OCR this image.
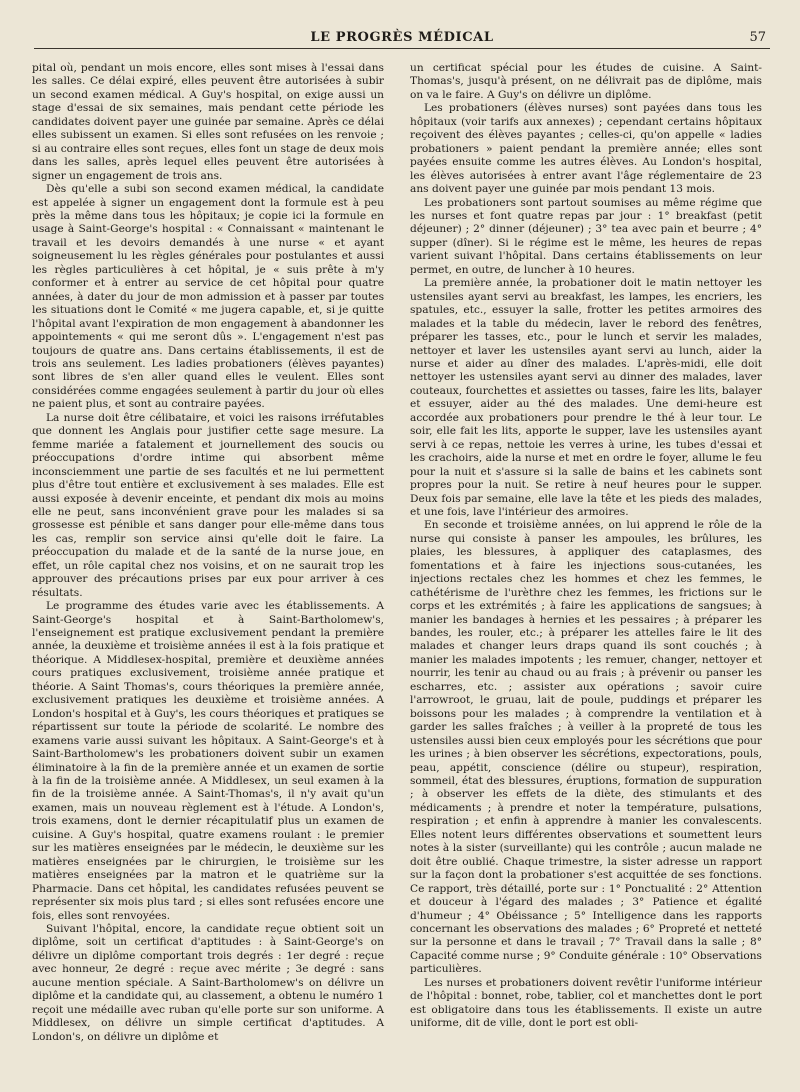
LE PROGRÈS MÉDICAL	57

pital où, pendant un mois encore, elles sont mises à l'essai dans les salles. Ce délai expiré, elles peuvent être autorisées à subir un second examen médical. A Guy's hospital, on exige aussi un stage d'essai de six semaines, mais pendant cette période les candidates doivent payer une guinée par semaine. Après ce délai elles subissent un examen. Si elles sont refusées on les renvoie ; si au contraire elles sont reçues, elles font un stage de deux mois dans les salles, après lequel elles peuvent être autorisées à signer un engagement de trois ans.

Dès qu'elle a subi son second examen médical, la candidate est appelée à signer un engagement dont la formule est à peu près la même dans tous les hôpitaux; je copie ici la formule en usage à Saint-George's hospital : « Connaissant « maintenant le travail et les devoirs demandés à une nurse « et ayant soigneusement lu les règles générales pour postulantes et aussi les règles particulières à cet hôpital, je « suis prête à m'y conformer et à entrer au service de cet hôpital pour quatre années, à dater du jour de mon admission et à passer par toutes les situations dont le Comité « me jugera capable, et, si je quitte l'hôpital avant l'expiration de mon engagement à abandonner les appointements « qui me seront dûs ». L'engagement n'est pas toujours de quatre ans. Dans certains établissements, il est de trois ans seulement. Les ladies probationers (élèves payantes) sont libres de s'en aller quand elles le veulent. Elles sont considérées comme engagées seulement à partir du jour où elles ne paient plus, et sont au contraire payées.

La nurse doit être célibataire, et voici les raisons irréfutables que donnent les Anglais pour justifier cette sage mesure. La femme mariée a fatalement et journellement des soucis ou préoccupations d'ordre intime qui absorbent même inconsciemment une partie de ses facultés et ne lui permettent plus d'être tout entière et exclusivement à ses malades. Elle est aussi exposée à devenir enceinte, et pendant dix mois au moins elle ne peut, sans inconvénient grave pour les malades si sa grossesse est pénible et sans danger pour elle-même dans tous les cas, remplir son service ainsi qu'elle doit le faire. La préoccupation du malade et de la santé de la nurse joue, en effet, un rôle capital chez nos voisins, et on ne saurait trop les approuver des précautions prises par eux pour arriver à ces résultats.

Le programme des études varie avec les établissements. A Saint-George's hospital et à Saint-Bartholomew's, l'enseignement est pratique exclusivement pendant la première année, la deuxième et troisième années il est à la fois pratique et théorique. A Middlesex-hospital, première et deuxième années cours pratiques exclusivement, troisième année pratique et théorie. A Saint Thomas's, cours théoriques la première année, exclusivement pratiques les deuxième et troisième années. A London's hospital et à Guy's, les cours théoriques et pratiques se répartissent sur toute la période de scolarité. Le nombre des examens varie aussi suivant les hôpitaux. A Saint-George's et à Saint-Bartholomew's les probationers doivent subir un examen éliminatoire à la fin de la première année et un examen de sortie à la fin de la troisième année. A Middlesex, un seul examen à la fin de la troisième année. A Saint-Thomas's, il n'y avait qu'un examen, mais un nouveau règlement est à l'étude. A London's, trois examens, dont le dernier récapitulatif plus un examen de cuisine. A Guy's hospital, quatre examens roulant : le premier sur les matières enseignées par le médecin, le deuxième sur les matières enseignées par le chirurgien, le troisième sur les matières enseignées par la matron et le quatrième sur la Pharmacie. Dans cet hôpital, les candidates refusées peuvent se représenter six mois plus tard ; si elles sont refusées encore une fois, elles sont renvoyées.

Suivant l'hôpital, encore, la candidate reçue obtient soit un diplôme, soit un certificat d'aptitudes : à Saint-George's on délivre un diplôme comportant trois degrés : 1er degré : reçue avec honneur, 2e degré : reçue avec mérite ; 3e degré : sans aucune mention spéciale. A Saint-Bartholomew's on délivre un diplôme et la candidate qui, au classement, a obtenu le numéro 1 reçoit une médaille avec ruban qu'elle porte sur son uniforme. A Middlesex, on délivre un simple certificat d'aptitudes. A London's, on délivre un diplôme et

un certificat spécial pour les études de cuisine. A Saint-Thomas's, jusqu'à présent, on ne délivrait pas de diplôme, mais on va le faire. A Guy's on délivre un diplôme.

Les probationers (élèves nurses) sont payées dans tous les hôpitaux (voir tarifs aux annexes) ; cependant certains hôpitaux reçoivent des élèves payantes ; celles-ci, qu'on appelle « ladies probationers » paient pendant la première année; elles sont payées ensuite comme les autres élèves. Au London's hospital, les élèves autorisées à entrer avant l'âge réglementaire de 23 ans doivent payer une guinée par mois pendant 13 mois.

Les probationers sont partout soumises au même régime que les nurses et font quatre repas par jour : 1° breakfast (petit déjeuner) ; 2° dinner (déjeuner) ; 3° tea avec pain et beurre ; 4° supper (dîner). Si le régime est le même, les heures de repas varient suivant l'hôpital. Dans certains établissements on leur permet, en outre, de luncher à 10 heures.

La première année, la probationer doit le matin nettoyer les ustensiles ayant servi au breakfast, les lampes, les encriers, les spatules, etc., essuyer la salle, frotter les petites armoires des malades et la table du médecin, laver le rebord des fenêtres, préparer les tasses, etc., pour le lunch et servir les malades, nettoyer et laver les ustensiles ayant servi au lunch, aider la nurse et aider au dîner des malades. L'après-midi, elle doit nettoyer les ustensiles ayant servi au dinner des malades, laver couteaux, fourchettes et assiettes ou tasses, faire les lits, balayer et essuyer, aider au thé des malades. Une demi-heure est accordée aux probationers pour prendre le thé à leur tour. Le soir, elle fait les lits, apporte le supper, lave les ustensiles ayant servi à ce repas, nettoie les verres à urine, les tubes d'essai et les crachoirs, aide la nurse et met en ordre le foyer, allume le feu pour la nuit et s'assure si la salle de bains et les cabinets sont propres pour la nuit. Se retire à neuf heures pour le supper. Deux fois par semaine, elle lave la tête et les pieds des malades, et une fois, lave l'intérieur des armoires.

En seconde et troisième années, on lui apprend le rôle de la nurse qui consiste à panser les ampoules, les brûlures, les plaies, les blessures, à appliquer des cataplasmes, des fomentations et à faire les injections sous-cutanées, les injections rectales chez les hommes et chez les femmes, le cathétérisme de l'urèthre chez les femmes, les frictions sur le corps et les extrémités ; à faire les applications de sangsues; à manier les bandages à hernies et les pessaires ; à préparer les bandes, les rouler, etc.; à préparer les attelles faire le lit des malades et changer leurs draps quand ils sont couchés ; à manier les malades impotents ; les remuer, changer, nettoyer et nourrir, les tenir au chaud ou au frais ; à prévenir ou panser les escharres, etc. ; assister aux opérations ; savoir cuire l'arrowroot, le gruau, lait de poule, puddings et préparer les boissons pour les malades ; à comprendre la ventilation et à garder les salles fraîches ; à veiller à la propreté de tous les ustensiles aussi bien ceux employés pour les sécrétions que pour les urines ; à bien observer les sécrétions, expectorations, pouls, peau, appétit, conscience (délire ou stupeur), respiration, sommeil, état des blessures, éruptions, formation de suppuration ; à observer les effets de la diète, des stimulants et des médicaments ; à prendre et noter la température, pulsations, respiration ; et enfin à apprendre à manier les convalescents. Elles notent leurs différentes observations et soumettent leurs notes à la sister (surveillante) qui les contrôle ; aucun malade ne doit être oublié. Chaque trimestre, la sister adresse un rapport sur la façon dont la probationer s'est acquittée de ses fonctions. Ce rapport, très détaillé, porte sur : 1° Ponctualité : 2° Attention et douceur à l'égard des malades ; 3° Patience et égalité d'humeur ; 4° Obéissance ; 5° Intelligence dans les rapports concernant les observations des malades ; 6° Propreté et netteté sur la personne et dans le travail ; 7° Travail dans la salle ; 8° Capacité comme nurse ; 9° Conduite générale : 10° Observations particulières.

Les nurses et probationers doivent revêtir l'uniforme intérieur de l'hôpital : bonnet, robe, tablier, col et manchettes dont le port est obligatoire dans tous les établissements. Il existe un autre uniforme, dit de ville, dont le port est obli-
